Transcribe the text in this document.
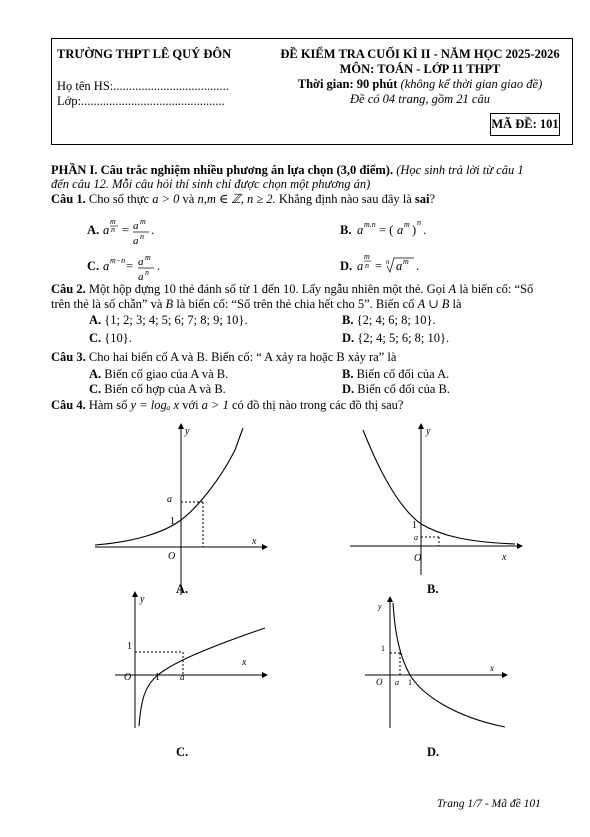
TRƯỜNG THPT LÊ QUÝ ĐÔN
Họ tên HS:.....................................
Lớp:..............................................
ĐỀ KIỂM TRA CUỐI KÌ II - NĂM HỌC 2025-2026
MÔN: TOÁN - LỚP 11 THPT
Thời gian: 90 phút (không kể thời gian giao đề)
Đề có 04 trang, gồm 21 câu
MÃ ĐỀ: 101
PHẦN I. Câu trắc nghiệm nhiều phương án lựa chọn (3,0 điểm). (Học sinh trả lời từ câu 1
đến câu 12. Mỗi câu hỏi thí sinh chỉ được chọn một phương án)
Câu 1. Cho số thực a > 0 và n,m ∈ ℤ, n ≥ 2. Khẳng định nào sau đây là sai?
A. a
m
n = a m
a n .	B. a m.n = ( a m )
n
.
C. a m−n = a m
a n .	D. a
m
n = n a m .
Câu 2. Một hộp đựng 10 thẻ đánh số từ 1 đến 10. Lấy ngẫu nhiên một thẻ. Gọi A là biến cố: “Số
trên thẻ là số chẵn” và B là biến cố: “Số trên thẻ chia hết cho 5”. Biến cố A ∪ B là
A. {1; 2; 3; 4; 5; 6; 7; 8; 9; 10}.	B. {2; 4; 6; 8; 10}.
C. {10}.	D. {2; 4; 5; 6; 8; 10}.
Câu 3. Cho hai biến cố A và B. Biến cố: “ A xảy ra hoặc B xảy ra” là
A. Biến cố giao của A và B.	B. Biến cố đối của A.
C. Biến cố hợp của A và B.	D. Biến cố đối của B.
Câu 4. Hàm số y = logₐ x với a > 1 có đồ thị nào trong các đồ thị sau?
y
x
a
1
O
A.
y
x
1
a
O
B.
y
x
1
O 1 a
C.
y
x
1
O a 1
D.
Trang 1/7 - Mã đề 101
